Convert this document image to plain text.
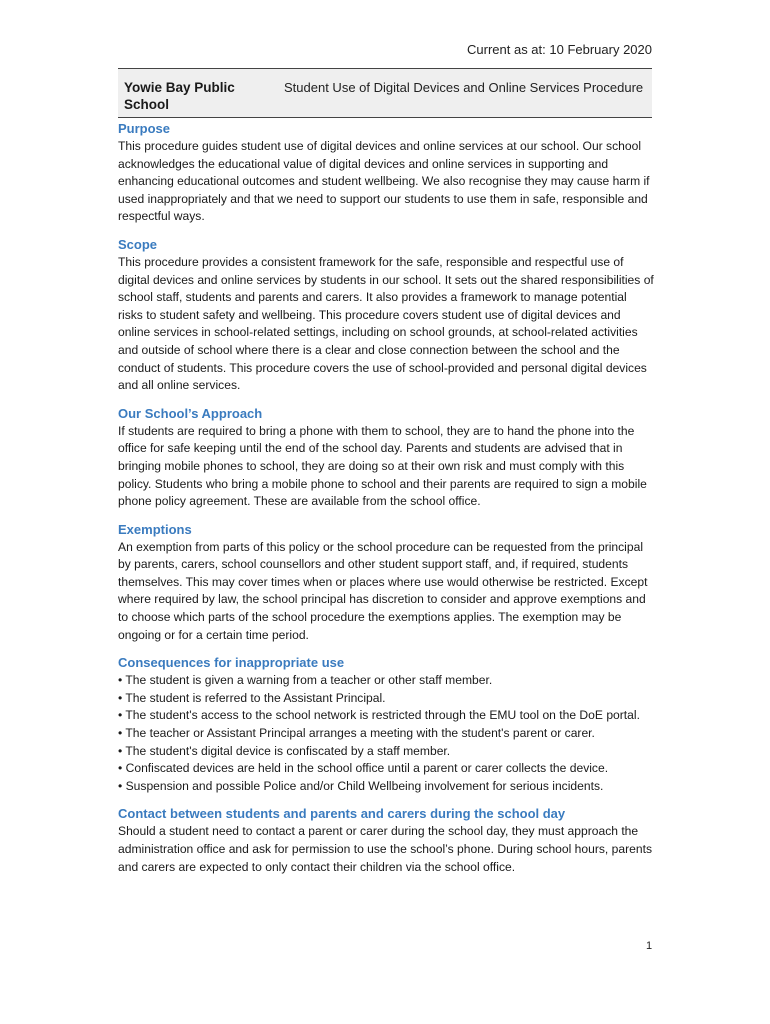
Current as at: 10 February 2020
Yowie Bay Public
School
Student Use of Digital Devices and Online Services Procedure
Purpose

This procedure guides student use of digital devices and online services at our school. Our school acknowledges the educational value of digital devices and online services in supporting and enhancing educational outcomes and student wellbeing. We also recognise they may cause harm if used inappropriately and that we need to support our students to use them in safe, responsible and respectful ways.

Scope

This procedure provides a consistent framework for the safe, responsible and respectful use of digital devices and online services by students in our school. It sets out the shared responsibilities of school staff, students and parents and carers. It also provides a framework to manage potential risks to student safety and wellbeing. This procedure covers student use of digital devices and online services in school-related settings, including on school grounds, at school-related activities and outside of school where there is a clear and close connection between the school and the conduct of students. This procedure covers the use of school-provided and personal digital devices and all online services.

Our School’s Approach

If students are required to bring a phone with them to school, they are to hand the phone into the office for safe keeping until the end of the school day. Parents and students are advised that in bringing mobile phones to school, they are doing so at their own risk and must comply with this policy. Students who bring a mobile phone to school and their parents are required to sign a mobile phone policy agreement. These are available from the school office.

Exemptions

An exemption from parts of this policy or the school procedure can be requested from the principal by parents, carers, school counsellors and other student support staff, and, if required, students themselves. This may cover times when or places where use would otherwise be restricted. Except where required by law, the school principal has discretion to consider and approve exemptions and to choose which parts of the school procedure the exemptions applies. The exemption may be ongoing or for a certain time period.

Consequences for inappropriate use
• The student is given a warning from a teacher or other staff member.
• The student is referred to the Assistant Principal.
• The student's access to the school network is restricted through the EMU tool on the DoE portal.
• The teacher or Assistant Principal arranges a meeting with the student's parent or carer.
• The student's digital device is confiscated by a staff member.
• Confiscated devices are held in the school office until a parent or carer collects the device.
• Suspension and possible Police and/or Child Wellbeing involvement for serious incidents.
Contact between students and parents and carers during the school day

Should a student need to contact a parent or carer during the school day, they must approach the administration office and ask for permission to use the school’s phone. During school hours, parents and carers are expected to only contact their children via the school office.

1
